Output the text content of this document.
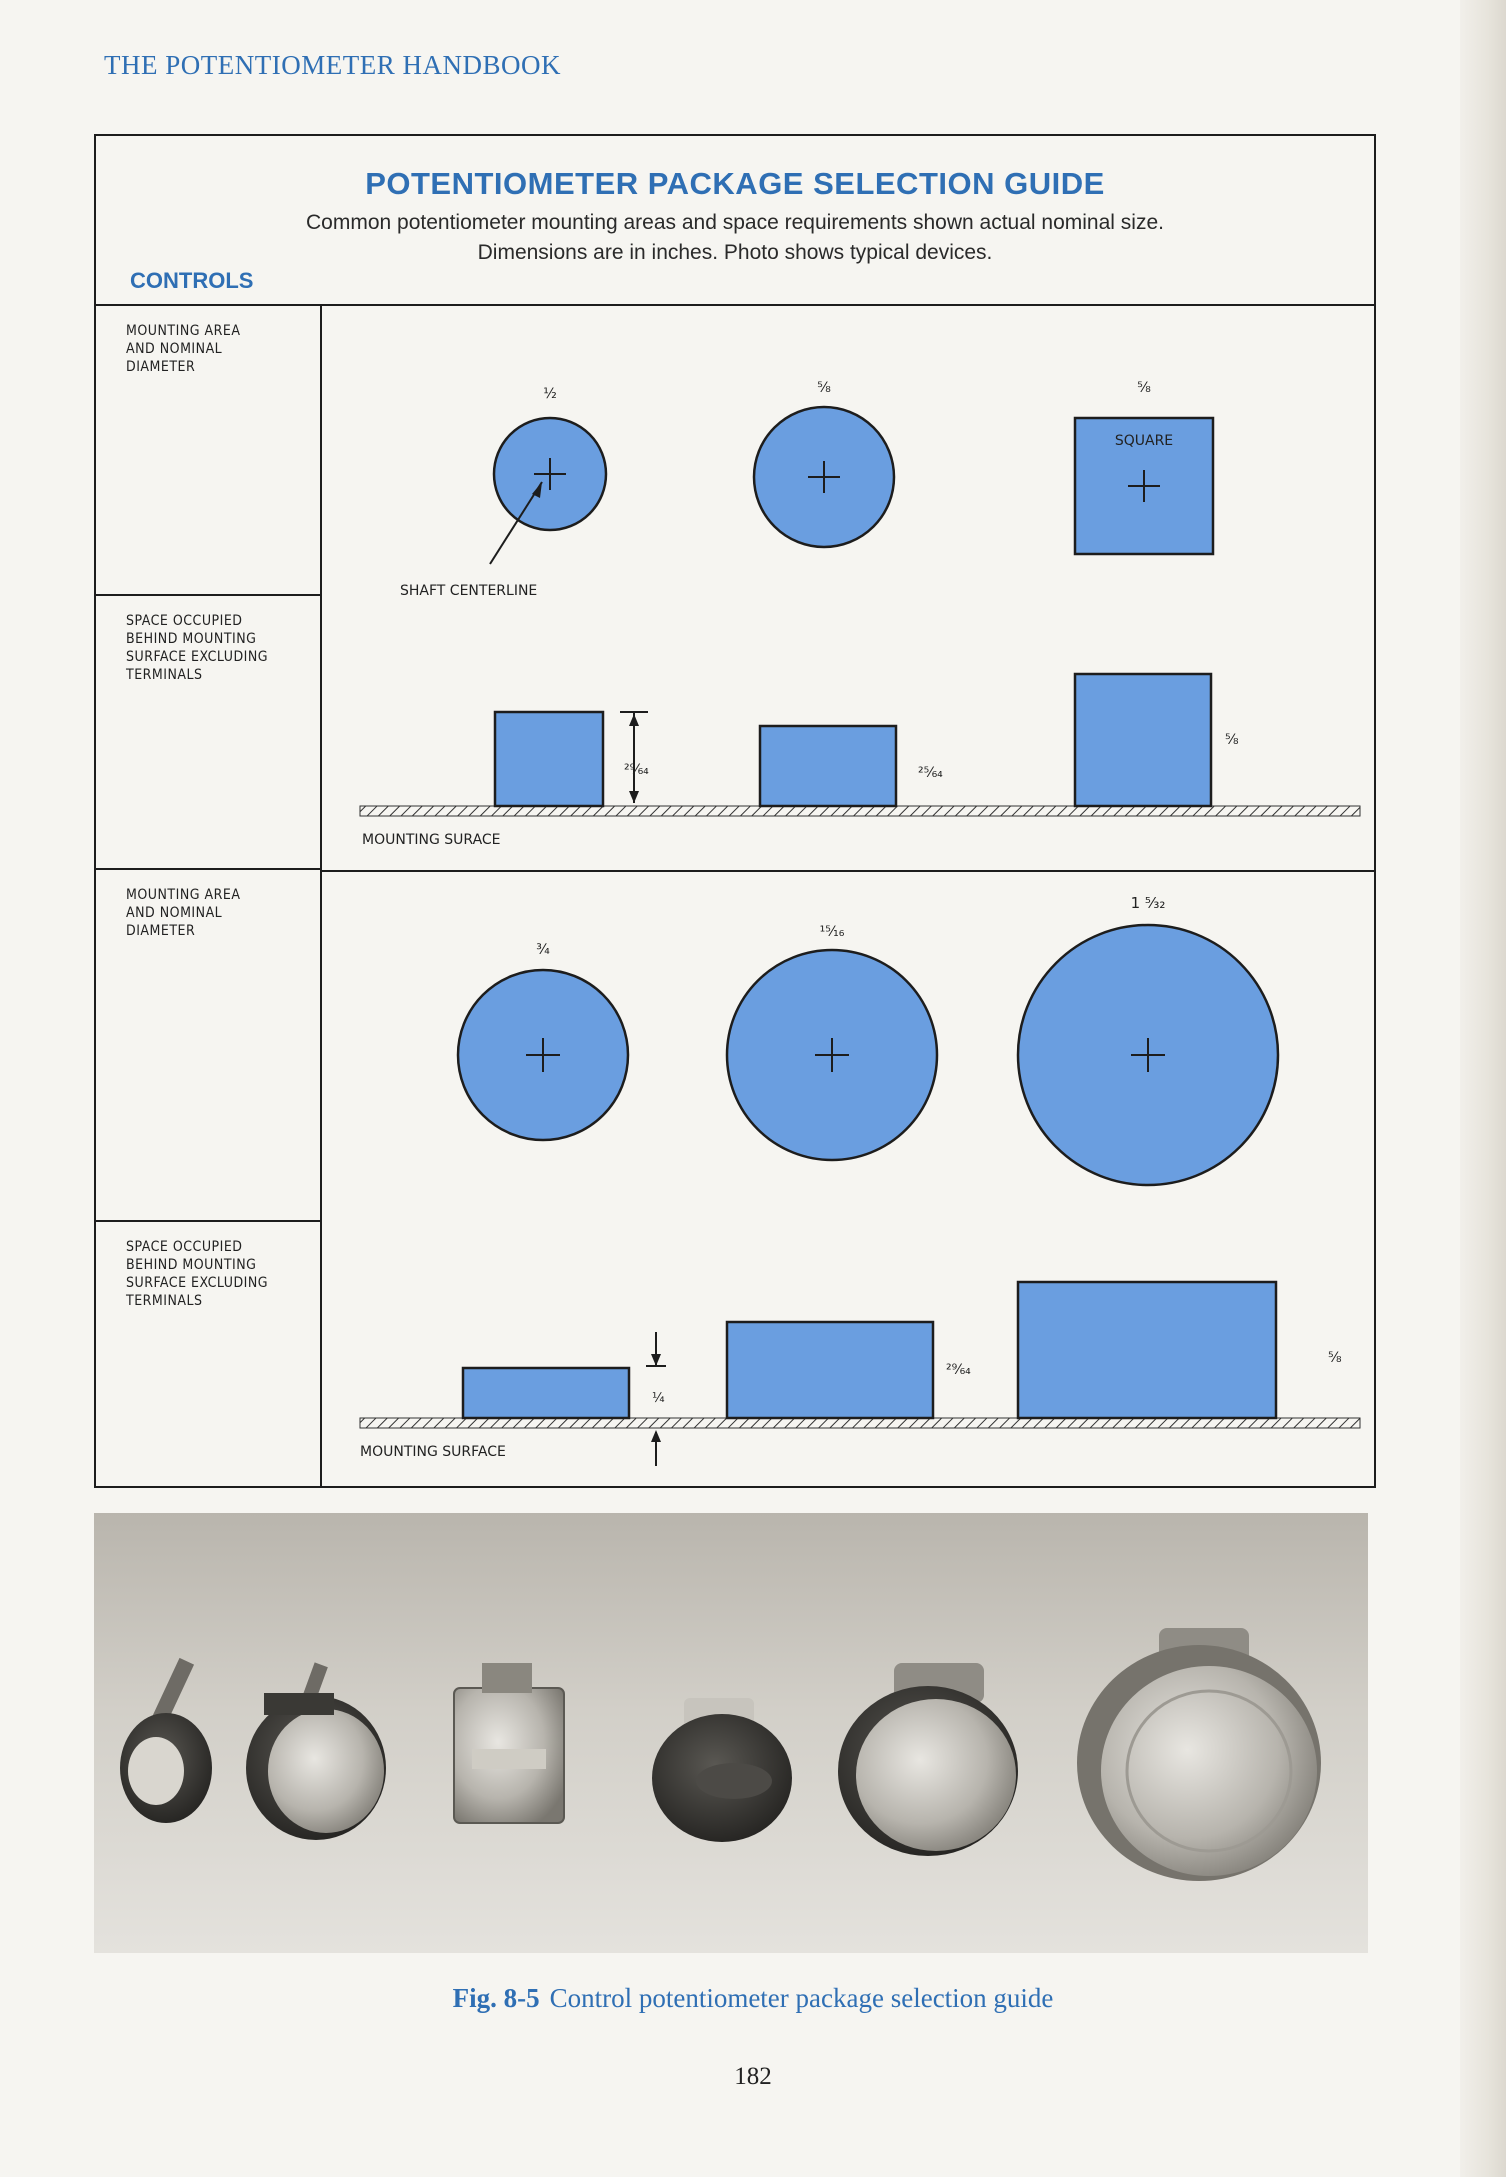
THE POTENTIOMETER HANDBOOK
POTENTIOMETER PACKAGE SELECTION GUIDE
Common potentiometer mounting areas and space requirements shown actual nominal size.
Dimensions are in inches. Photo shows typical devices.
CONTROLS
MOUNTING AREA
AND NOMINAL
DIAMETER
SPACE OCCUPIED
BEHIND MOUNTING
SURFACE EXCLUDING
TERMINALS
MOUNTING AREA
AND NOMINAL
DIAMETER
SPACE OCCUPIED
BEHIND MOUNTING
SURFACE EXCLUDING
TERMINALS
½
SHAFT CENTERLINE
⅝	⅝
SQUARE
MOUNTING SURACE
²⁹⁄₆₄	²⁵⁄₆₄
⅝
¾
¹⁵⁄₁₆
1 ⁵⁄₃₂
MOUNTING SURFACE
¼
²⁹⁄₆₄
⅝
Fig. 8-5 Control potentiometer package selection guide
182
